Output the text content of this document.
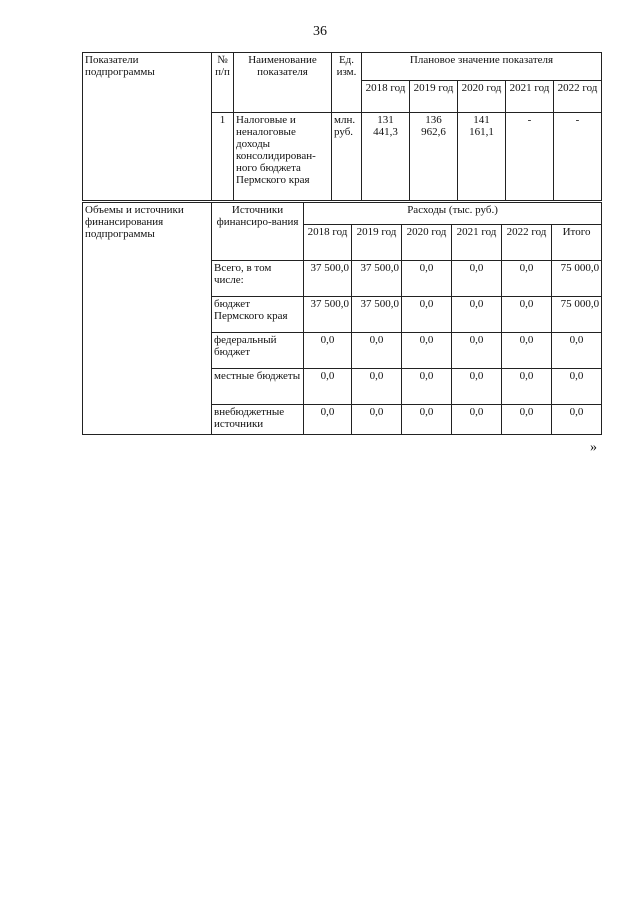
36
Показатели подпрограммы	№ п/п	Наименование показателя	Ед. изм.	Плановое значение показателя				
				2018 год	2019 год	2020 год	2021 год	2022 год
	1	Налоговые и неналоговые доходы консолидирован-ного бюджета Пермского края	млн. руб.	131 441,3	136 962,6	141 161,1	-	-
Объемы и источники финансирования подпрограммы	Источники финансиро-вания	Расходы (тыс. руб.)					
		2018 год	2019 год	2020 год	2021 год	2022 год	Итого
	Всего, в том числе:	37 500,0	37 500,0	0,0	0,0	0,0	75 000,0
	бюджет Пермского края	37 500,0	37 500,0	0,0	0,0	0,0	75 000,0
	федеральный бюджет	0,0	0,0	0,0	0,0	0,0	0,0
	местные бюджеты	0,0	0,0	0,0	0,0	0,0	0,0
	внебюджетные источники	0,0	0,0	0,0	0,0	0,0	0,0
»
